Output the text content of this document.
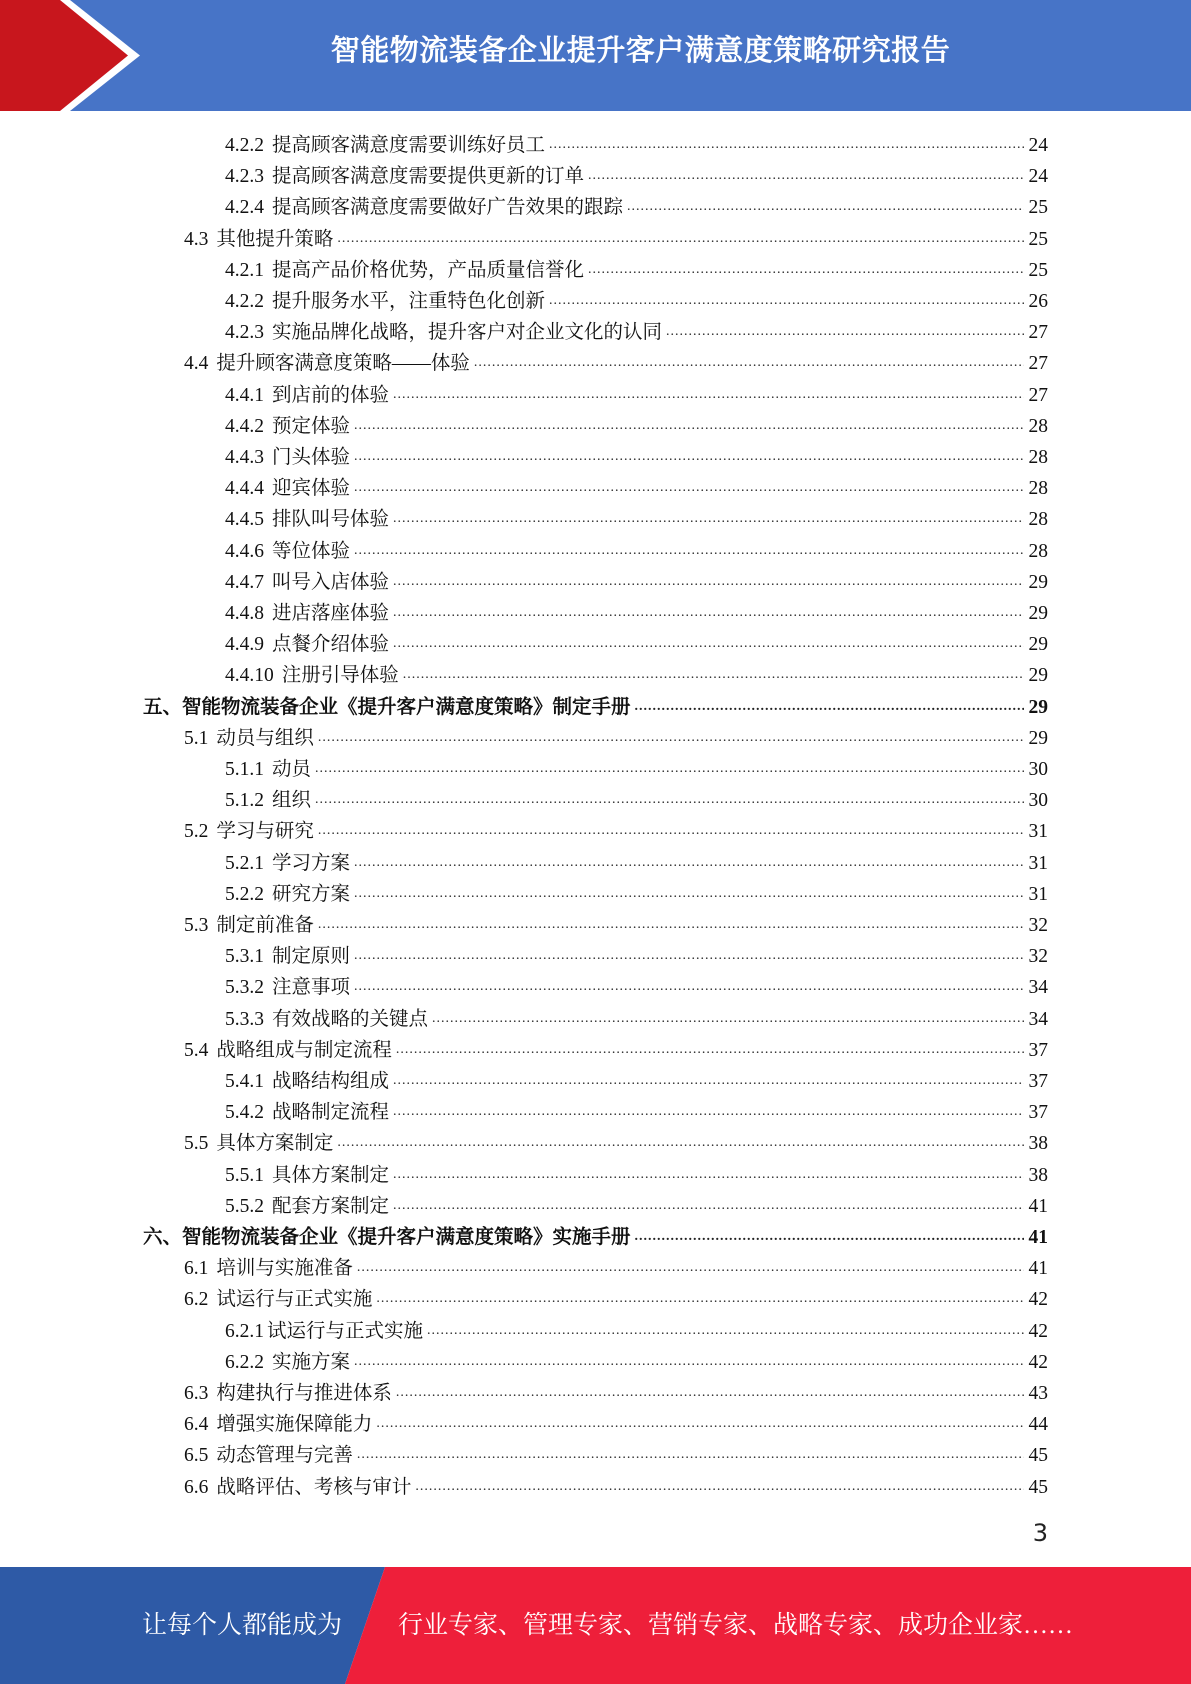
智能物流装备企业提升客户满意度策略研究报告
4.2.2 提高顾客满意度需要训练好员工 .....	24
4.2.3 提高顾客满意度需要提供更新的订单 .....	24
4.2.4 提高顾客满意度需要做好广告效果的跟踪 .....	25
4.3 其他提升策略 .....	25
4.2.1 提高产品价格优势，产品质量信誉化 .....	25
4.2.2 提升服务水平，注重特色化创新 .....	26
4.2.3 实施品牌化战略，提升客户对企业文化的认同 .....	27
4.4 提升顾客满意度策略——体验 .....	27
4.4.1 到店前的体验 .....	27
4.4.2 预定体验 .....	28
4.4.3 门头体验 .....	28
4.4.4 迎宾体验 .....	28
4.4.5 排队叫号体验 .....	28
4.4.6 等位体验 .....	28
4.4.7 叫号入店体验 .....	29
4.4.8 进店落座体验 .....	29
4.4.9 点餐介绍体验 .....	29
4.4.10 注册引导体验 .....	29
五、 智能物流装备企业《提升客户满意度策略》制定手册 .....	29
5.1 动员与组织 .....	29
5.1.1 动员 .....	30
5.1.2 组织 .....	30
5.2 学习与研究 .....	31
5.2.1 学习方案 .....	31
5.2.2 研究方案 .....	31
5.3 制定前准备 .....	32
5.3.1 制定原则 .....	32
5.3.2 注意事项 .....	34
5.3.3 有效战略的关键点 .....	34
5.4 战略组成与制定流程 .....	37
5.4.1 战略结构组成 .....	37
5.4.2 战略制定流程 .....	37
5.5 具体方案制定 .....	38
5.5.1 具体方案制定 .....	38
5.5.2 配套方案制定 .....	41
六、 智能物流装备企业《提升客户满意度策略》实施手册 .....	41
6.1 培训与实施准备 .....	41
6.2 试运行与正式实施 .....	42
6.2.1 试运行与正式实施 .....	42
6.2.2 实施方案 .....	42
6.3 构建执行与推进体系 .....	43
6.4 增强实施保障能力 .....	44
6.5 动态管理与完善 .....	45
6.6 战略评估、考核与审计 .....	45
3
让每个人都能成为 行业专家、管理专家、营销专家、战略专家、成功企业家……
